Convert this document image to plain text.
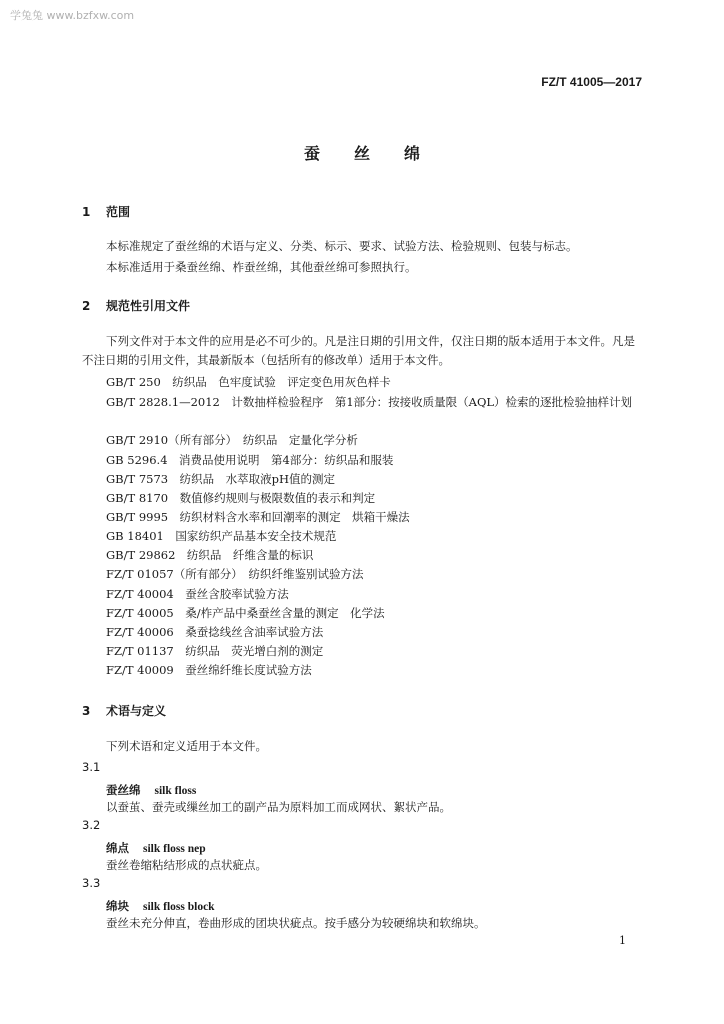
学兔兔 www.bzfxw.com
FZ/T 41005—2017
蚕丝绵
1 范围
本标准规定了蚕丝绵的术语与定义、分类、标示、要求、试验方法、检验规则、包装与标志。
本标准适用于桑蚕丝绵、柞蚕丝绵，其他蚕丝绵可参照执行。
2 规范性引用文件
下列文件对于本文件的应用是必不可少的。凡是注日期的引用文件，仅注日期的版本适用于本文件。凡是不注日期的引用文件，其最新版本（包括所有的修改单）适用于本文件。
GB/T 250　纺织品　色牢度试验　评定变色用灰色样卡
GB/T 2828.1—2012　计数抽样检验程序　第1部分：按接收质量限（AQL）检索的逐批检验抽样计划
GB/T 2910（所有部分）　纺织品　定量化学分析
GB 5296.4　消费品使用说明　第4部分：纺织品和服装
GB/T 7573　纺织品　水萃取液pH值的测定
GB/T 8170　数值修约规则与极限数值的表示和判定
GB/T 9995　纺织材料含水率和回潮率的测定　烘箱干燥法
GB 18401　国家纺织产品基本安全技术规范
GB/T 29862　纺织品　纤维含量的标识
FZ/T 01057（所有部分）　纺织纤维鉴别试验方法
FZ/T 40004　蚕丝含胶率试验方法
FZ/T 40005　桑/柞产品中桑蚕丝含量的测定　化学法
FZ/T 40006　桑蚕捻线丝含油率试验方法
FZ/T 01137　纺织品　荧光增白剂的测定
FZ/T 40009　蚕丝绵纤维长度试验方法
3 术语与定义
下列术语和定义适用于本文件。
3.1
蚕丝绵 silk floss
以蚕茧、蚕壳或缫丝加工的副产品为原料加工而成网状、絮状产品。
3.2
绵点 silk floss nep
蚕丝卷缩粘结形成的点状疵点。
3.3
绵块 silk floss block
蚕丝未充分伸直，卷曲形成的团块状疵点。按手感分为较硬绵块和软绵块。
1
